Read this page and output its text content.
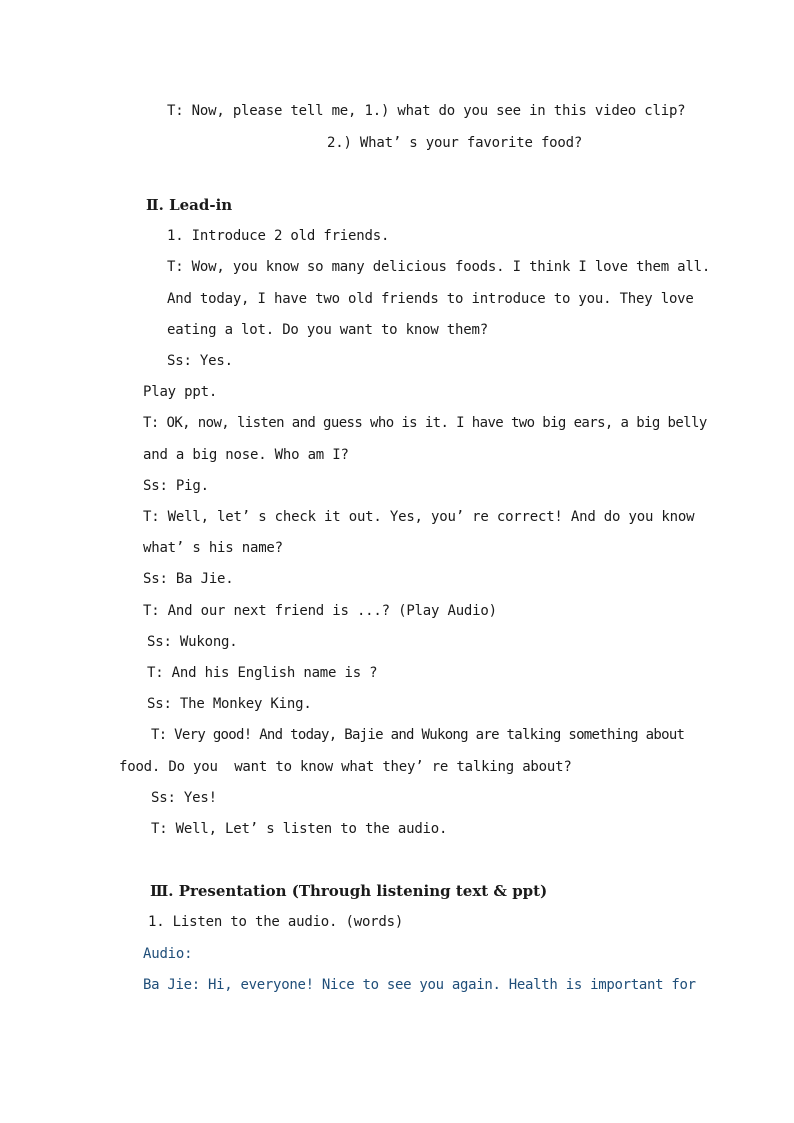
T: Now, please tell me, 1.) what do you see in this video clip?

2.) What’ s your favorite food?

Ⅱ. Lead-in

1. Introduce 2 old friends.

T: Wow, you know so many delicious foods. I think I love them all.

And today, I have two old friends to introduce to you. They love

eating a lot. Do you want to know them?

Ss: Yes.

Play ppt.

T: OK, now, listen and guess who is it. I have two big ears, a big belly

and a big nose. Who am I?

Ss: Pig.

T: Well, let’ s check it out. Yes, you’ re correct! And do you know

what’ s his name?

Ss: Ba Jie.

T: And our next friend is ...? (Play Audio)

Ss: Wukong.

T: And his English name is ?

Ss: The Monkey King.

T: Very good! And today, Bajie and Wukong are talking something about

food. Do you  want to know what they’ re talking about?

Ss: Yes!

T: Well, Let’ s listen to the audio.

Ⅲ. Presentation (Through listening text & ppt)

1. Listen to the audio. (words)

Audio:

Ba Jie: Hi, everyone! Nice to see you again. Health is important for
